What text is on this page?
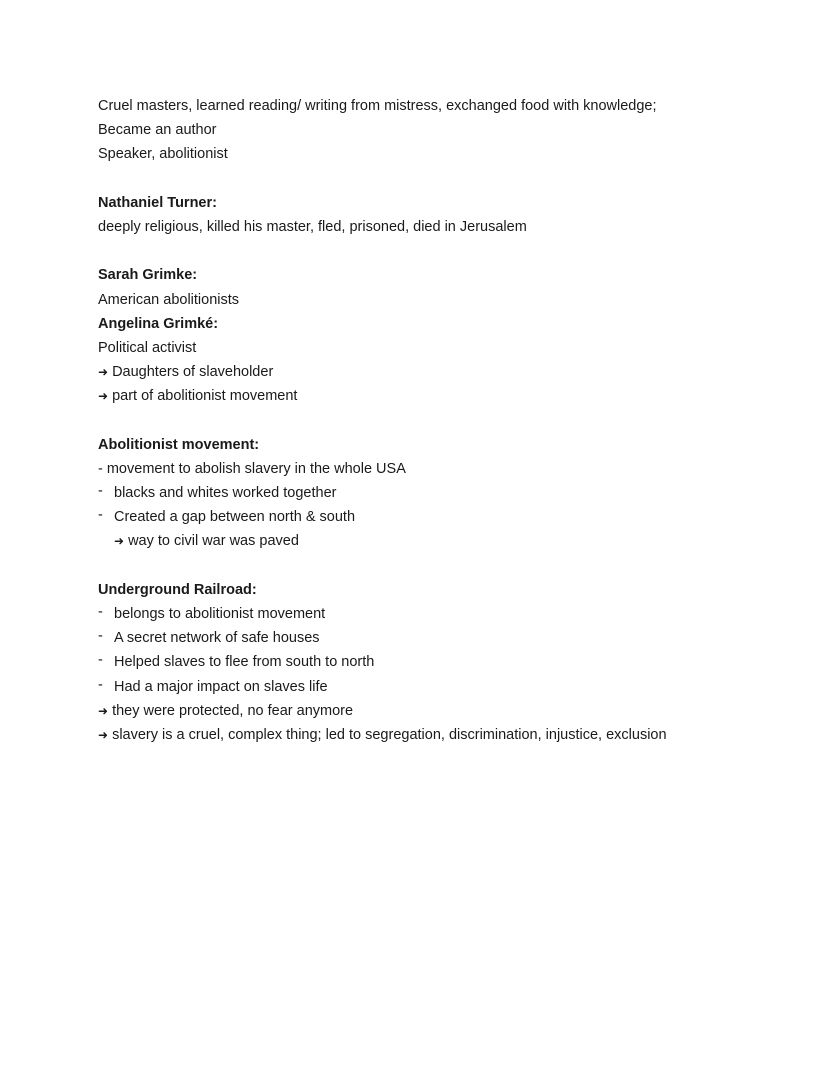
Cruel masters, learned reading/ writing from mistress, exchanged food with knowledge;
Became an author
Speaker, abolitionist
Nathaniel Turner:
deeply religious, killed his master, fled, prisoned, died in Jerusalem
Sarah Grimke:
American abolitionists
Angelina Grimké:
Political activist
➜ Daughters of slaveholder
➜ part of abolitionist movement
Abolitionist movement:
- movement to abolish slavery in the whole USA
- blacks and whites worked together
- Created a gap between north & south
➜ way to civil war was paved
Underground Railroad:
- belongs to abolitionist movement
- A secret network of safe houses
- Helped slaves to flee from south to north
- Had a major impact on slaves life
➜ they were protected, no fear anymore
➜ slavery is a cruel, complex thing; led to segregation, discrimination, injustice, exclusion
